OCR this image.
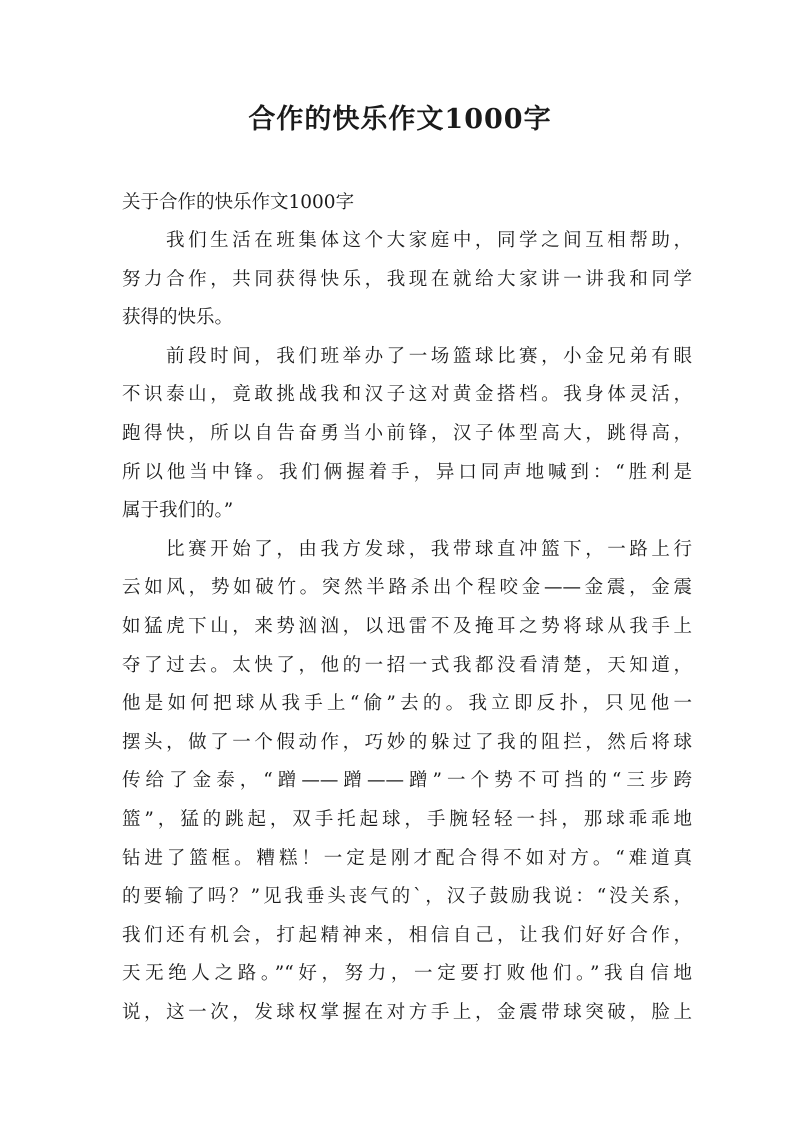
合作的快乐作文1000字

关于合作的快乐作文1000字

我们生活在班集体这个大家庭中，同学之间互相帮助，
努力合作，共同获得快乐，我现在就给大家讲一讲我和同学
获得的快乐。

前段时间，我们班举办了一场篮球比赛，小金兄弟有眼
不识泰山，竟敢挑战我和汉子这对黄金搭档。我身体灵活，
跑得快，所以自告奋勇当小前锋，汉子体型高大，跳得高，
所以他当中锋。我们俩握着手，异口同声地喊到：“胜利是
属于我们的。”

比赛开始了，由我方发球，我带球直冲篮下，一路上行
云如风，势如破竹。突然半路杀出个程咬金——金震，金震
如猛虎下山，来势汹汹，以迅雷不及掩耳之势将球从我手上
夺了过去。太快了，他的一招一式我都没看清楚，天知道，
他是如何把球从我手上“偷”去的。我立即反扑，只见他一
摆头，做了一个假动作，巧妙的躲过了我的阻拦，然后将球
传给了金泰，“蹭——蹭——蹭”一个势不可挡的“三步跨
篮”，猛的跳起，双手托起球，手腕轻轻一抖，那球乖乖地
钻进了篮框。糟糕！一定是刚才配合得不如对方。“难道真
的要输了吗？”见我垂头丧气的`，汉子鼓励我说：“没关系，
我们还有机会，打起精神来，相信自己，让我们好好合作，
天无绝人之路。”“好，努力，一定要打败他们。”我自信地
说，这一次，发球权掌握在对方手上，金震带球突破，脸上
